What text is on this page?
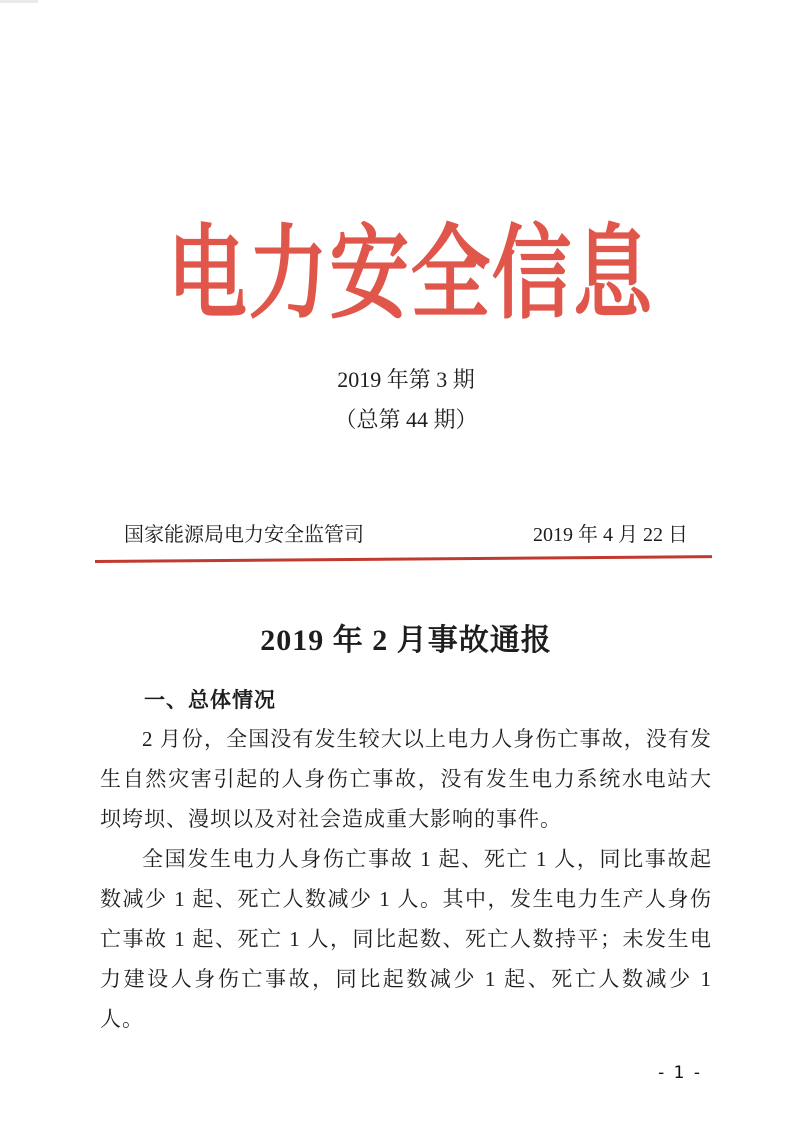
电力安全信息
2019 年第 3 期
（总第 44 期）
国家能源局电力安全监管司	2019 年 4 月 22 日
2019 年 2 月事故通报
一、总体情况

2 月份，全国没有发生较大以上电力人身伤亡事故，没有发生自然灾害引起的人身伤亡事故，没有发生电力系统水电站大坝垮坝、漫坝以及对社会造成重大影响的事件。

全国发生电力人身伤亡事故 1 起、死亡 1 人，同比事故起数减少 1 起、死亡人数减少 1 人。其中，发生电力生产人身伤亡事故 1 起、死亡 1 人，同比起数、死亡人数持平；未发生电力建设人身伤亡事故，同比起数减少 1 起、死亡人数减少 1 人。

- 1 -
